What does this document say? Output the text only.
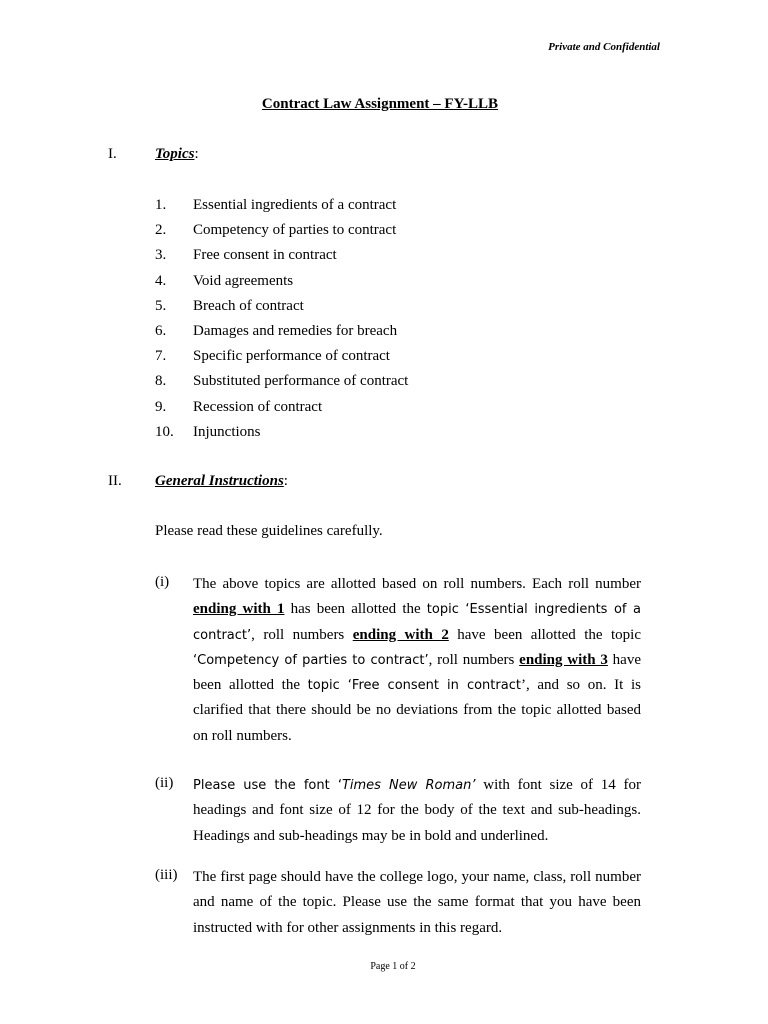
Private and Confidential
Contract Law Assignment – FY-LLB
I.	Topics:
1. Essential ingredients of a contract
2. Competency of parties to contract
3. Free consent in contract
4. Void agreements
5. Breach of contract
6. Damages and remedies for breach
7. Specific performance of contract
8. Substituted performance of contract
9. Recession of contract
10. Injunctions
II. General Instructions:
Please read these guidelines carefully.
(i)	The above topics are allotted based on roll numbers. Each roll number ending with 1 has been allotted the topic ‘Essential ingredients of a contract’, roll numbers ending with 2 have been allotted the topic ‘Competency of parties to contract’, roll numbers ending with 3 have been allotted the topic ‘Free consent in contract’, and so on. It is clarified that there should be no deviations from the topic allotted based on roll numbers.
(ii)	Please use the font ‘Times New Roman’ with font size of 14 for headings and font size of 12 for the body of the text and sub-headings. Headings and sub-headings may be in bold and underlined.
(iii)	The first page should have the college logo, your name, class, roll number and name of the topic. Please use the same format that you have been instructed with for other assignments in this regard.
Page 1 of 2
